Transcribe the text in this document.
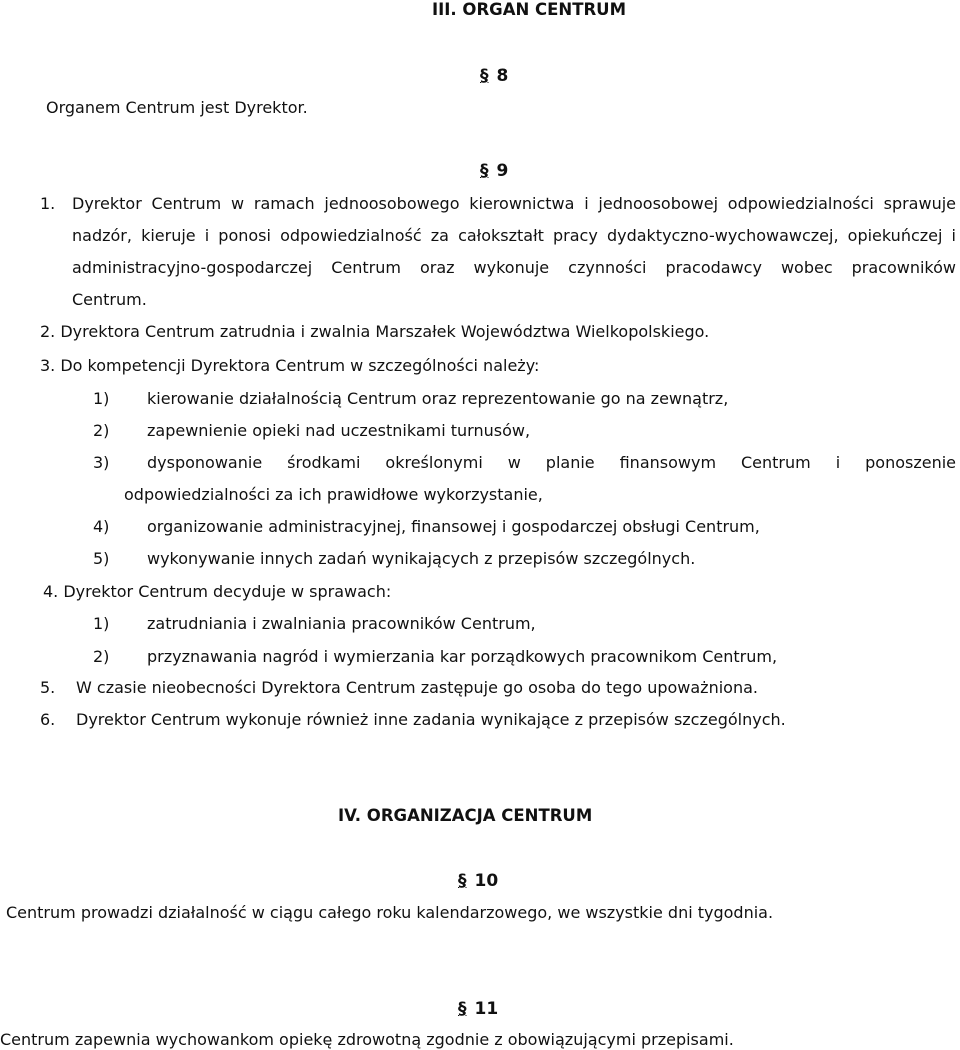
III. ORGAN CENTRUM
§ 8
Organem Centrum jest Dyrektor.
§ 9
1. Dyrektor Centrum w ramach jednoosobowego kierownictwa i jednoosobowej odpowiedzialności sprawuje
nadzór, kieruje i ponosi odpowiedzialność za całokształt pracy dydaktyczno-wychowawczej, opiekuńczej i
administracyjno-gospodarczej Centrum oraz wykonuje czynności pracodawcy wobec pracowników
Centrum.
2. Dyrektora Centrum zatrudnia i zwalnia Marszałek Województwa Wielkopolskiego.
3. Do kompetencji Dyrektora Centrum w szczególności należy:
1) kierowanie działalnością Centrum oraz reprezentowanie go na zewnątrz,
2) zapewnienie opieki nad uczestnikami turnusów,
3) dysponowanie środkami określonymi w planie finansowym Centrum i ponoszenie
odpowiedzialności za ich prawidłowe wykorzystanie,
4) organizowanie administracyjnej, finansowej i gospodarczej obsługi Centrum,
5) wykonywanie innych zadań wynikających z przepisów szczególnych.
4. Dyrektor Centrum decyduje w sprawach:
1) zatrudniania i zwalniania pracowników Centrum,
2) przyznawania nagród i wymierzania kar porządkowych pracownikom Centrum,
5. W czasie nieobecności Dyrektora Centrum zastępuje go osoba do tego upoważniona.
6. Dyrektor Centrum wykonuje również inne zadania wynikające z przepisów szczególnych.
IV. ORGANIZACJA CENTRUM
§ 10
Centrum prowadzi działalność w ciągu całego roku kalendarzowego, we wszystkie dni tygodnia.
§ 11
Centrum zapewnia wychowankom opiekę zdrowotną zgodnie z obowiązującymi przepisami.
